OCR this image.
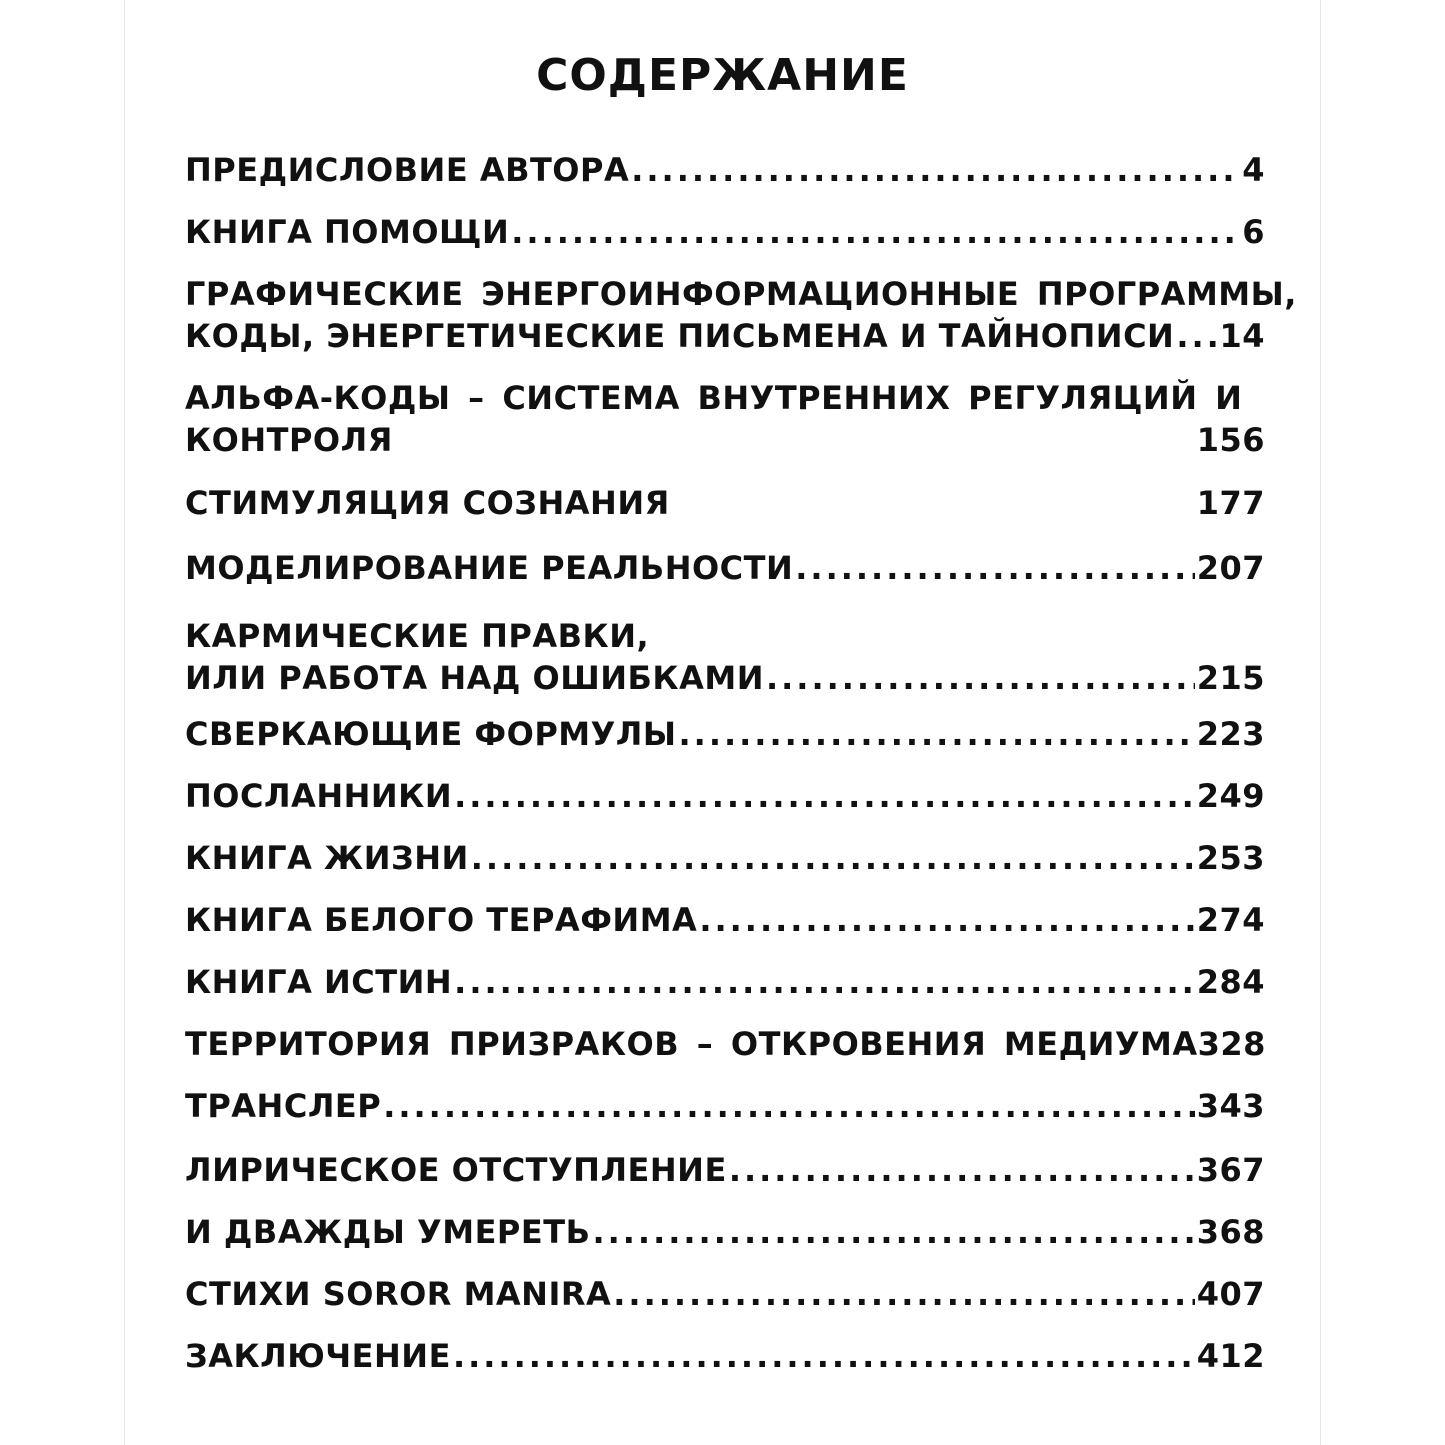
СОДЕРЖАНИЕ
ПРЕДИСЛОВИЕ АВТОРА .....	4
КНИГА ПОМОЩИ .....	6
ГРАФИЧЕСКИЕ ЭНЕРГОИНФОРМАЦИОННЫЕ ПРОГРАММЫ,
КОДЫ, ЭНЕРГЕТИЧЕСКИЕ ПИСЬМЕНА И ТАЙНОПИСИ ..... 14
АЛЬФА-КОДЫ – СИСТЕМА ВНУТРЕННИХ РЕГУЛЯЦИЙ И
КОНТРОЛЯ	156
СТИМУЛЯЦИЯ СОЗНАНИЯ	177
МОДЕЛИРОВАНИЕ РЕАЛЬНОСТИ .....	207
КАРМИЧЕСКИЕ ПРАВКИ,
ИЛИ РАБОТА НАД ОШИБКАМИ .....	215
СВЕРКАЮЩИЕ ФОРМУЛЫ .....	223
ПОСЛАННИКИ .....	249
КНИГА ЖИЗНИ .....	253
КНИГА БЕЛОГО ТЕРАФИМА .....	274
КНИГА ИСТИН .....	284
ТЕРРИТОРИЯ ПРИЗРАКОВ – ОТКРОВЕНИЯ МЕДИУМА 328
ТРАНСЛЕР .....	343
ЛИРИЧЕСКОЕ ОТСТУПЛЕНИЕ .....	367
И ДВАЖДЫ УМЕРЕТЬ .....	368
СТИХИ SOROR MANIRA .....	407
ЗАКЛЮЧЕНИЕ .....	412
